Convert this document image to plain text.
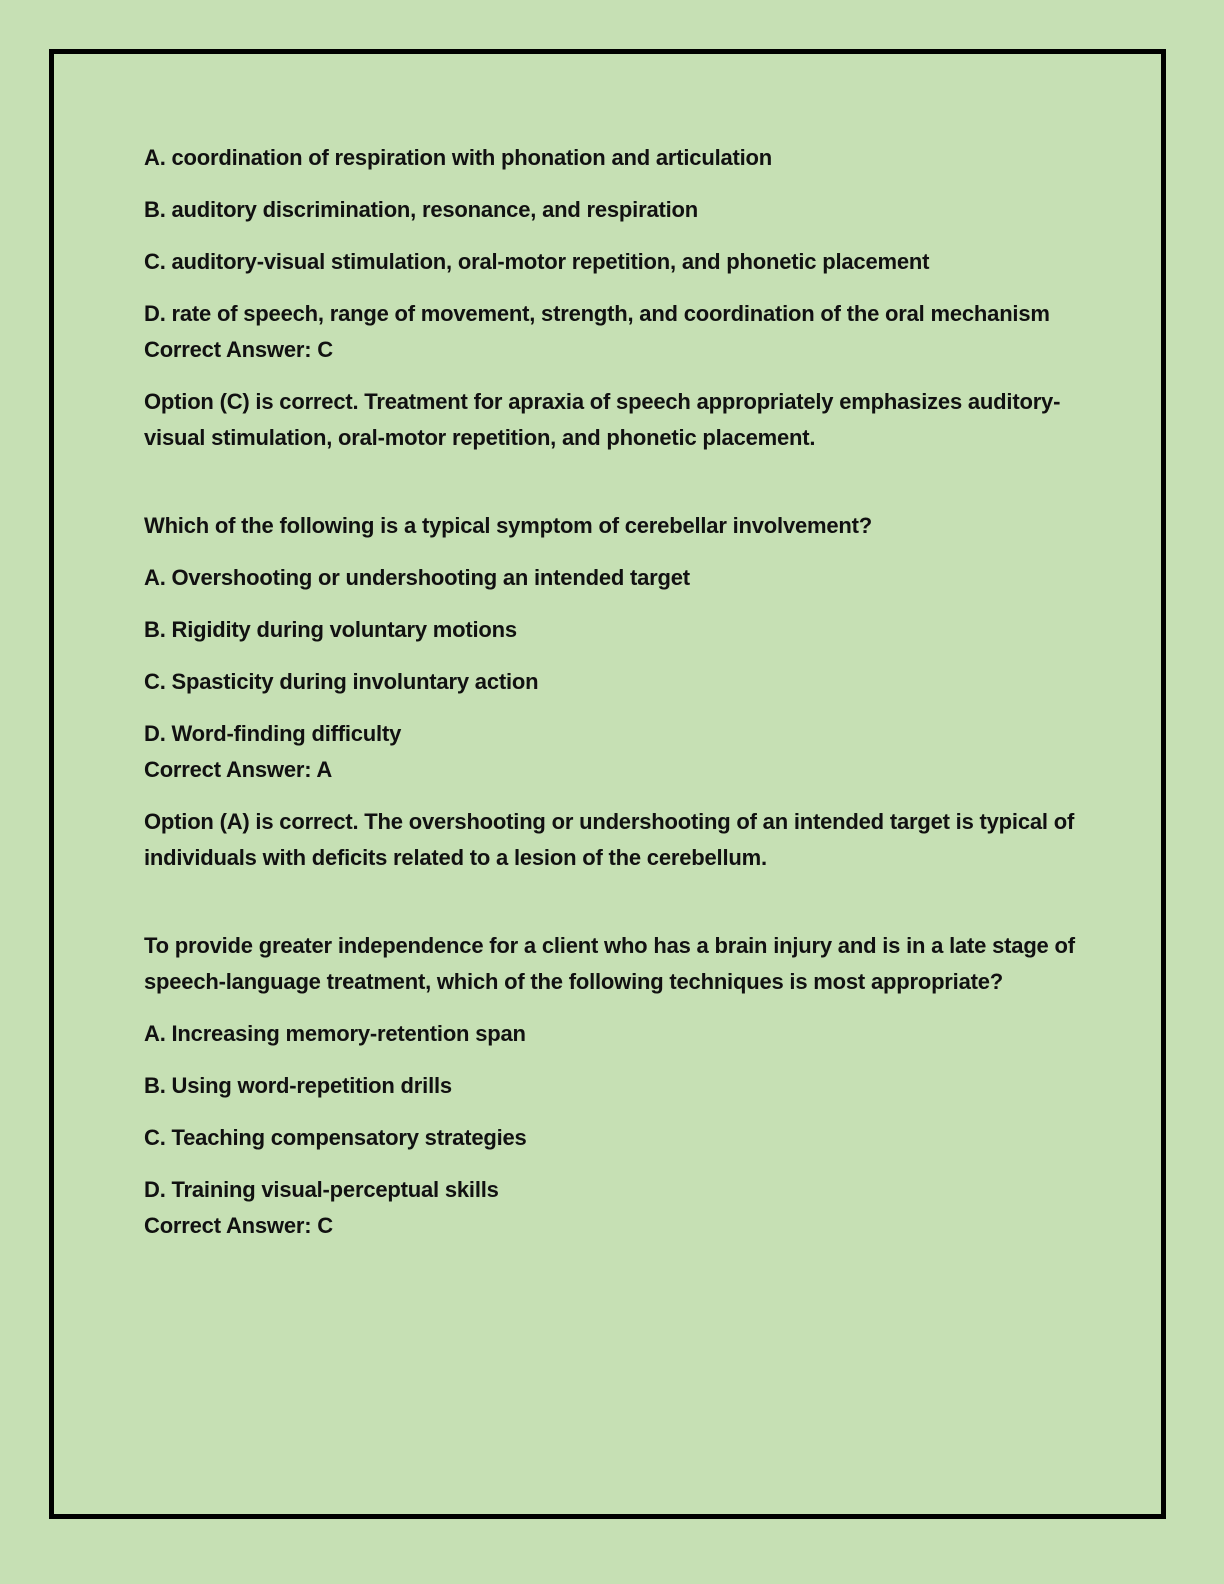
A. coordination of respiration with phonation and articulation

B. auditory discrimination, resonance, and respiration

C. auditory-visual stimulation, oral-motor repetition, and phonetic placement

D. rate of speech, range of movement, strength, and coordination of the oral mechanism

Correct Answer: C

Option (C) is correct. Treatment for apraxia of speech appropriately emphasizes auditory-visual stimulation, oral-motor repetition, and phonetic placement.

Which of the following is a typical symptom of cerebellar involvement?

A. Overshooting or undershooting an intended target

B. Rigidity during voluntary motions

C. Spasticity during involuntary action

D. Word-finding difficulty

Correct Answer: A

Option (A) is correct. The overshooting or undershooting of an intended target is typical of individuals with deficits related to a lesion of the cerebellum.

To provide greater independence for a client who has a brain injury and is in a late stage of speech-language treatment, which of the following techniques is most appropriate?

A. Increasing memory-retention span

B. Using word-repetition drills

C. Teaching compensatory strategies

D. Training visual-perceptual skills

Correct Answer: C
